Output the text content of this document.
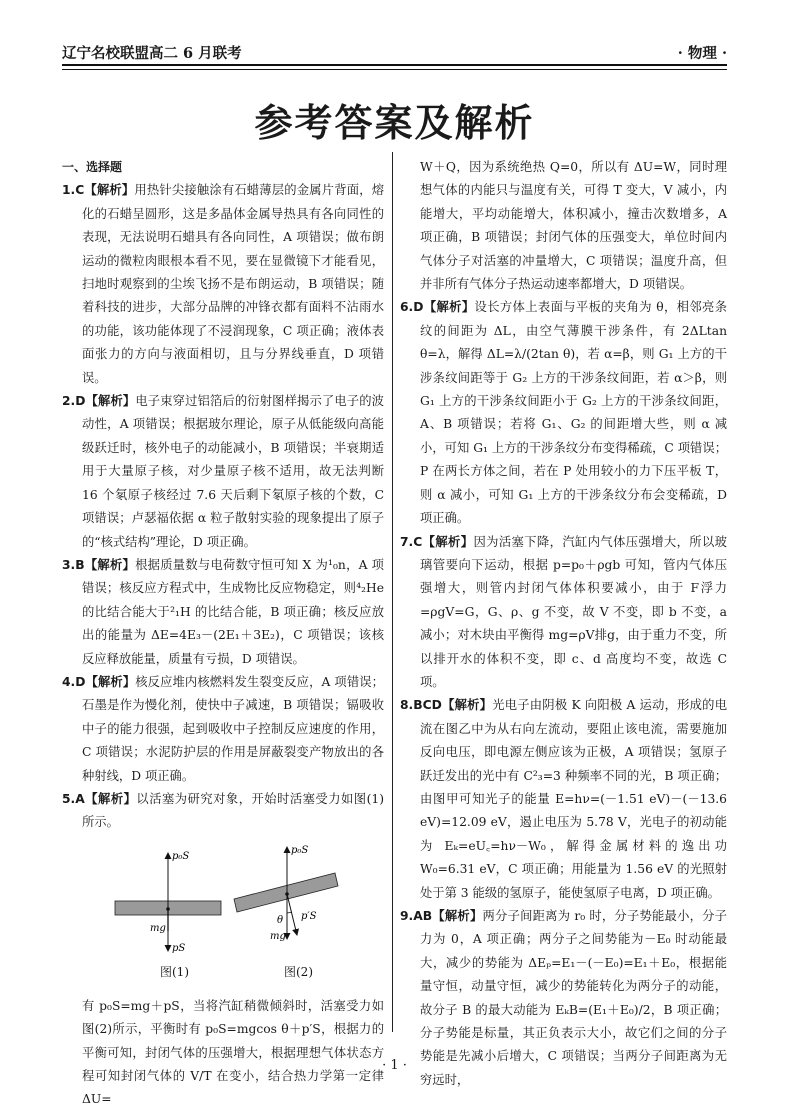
辽宁名校联盟高二 6 月联考	· 物理 ·
参考答案及解析

一、选择题

1.C【解析】用热针尖接触涂有石蜡薄层的金属片背面，熔化的石蜡呈圆形，这是多晶体金属导热具有各向同性的表现，无法说明石蜡具有各向同性，A 项错误；做布朗运动的微粒肉眼根本看不见，要在显微镜下才能看见，扫地时观察到的尘埃飞扬不是布朗运动，B 项错误；随着科技的进步，大部分品牌的冲锋衣都有面料不沾雨水的功能，该功能体现了不浸润现象，C 项正确；液体表面张力的方向与液面相切，且与分界线垂直，D 项错误。

2.D【解析】电子束穿过铝箔后的衍射图样揭示了电子的波动性，A 项错误；根据玻尔理论，原子从低能级向高能级跃迁时，核外电子的动能减小，B 项错误；半衰期适用于大量原子核，对少量原子核不适用，故无法判断 16 个氡原子核经过 7.6 天后剩下氡原子核的个数，C 项错误；卢瑟福依据 α 粒子散射实验的现象提出了原子的“核式结构”理论，D 项正确。

3.B【解析】根据质量数与电荷数守恒可知 X 为¹₀n，A 项错误；核反应方程式中，生成物比反应物稳定，则⁴₂He 的比结合能大于²₁H 的比结合能，B 项正确；核反应放出的能量为 ΔE=4E₃－(2E₁＋3E₂)，C 项错误；该核反应释放能量，质量有亏损，D 项错误。

4.D【解析】核反应堆内核燃料发生裂变反应，A 项错误；石墨是作为慢化剂，使快中子减速，B 项错误；镉吸收中子的能力很强，起到吸收中子控制反应速度的作用，C 项错误；水泥防护层的作用是屏蔽裂变产物放出的各种射线，D 项正确。

5.A【解析】以活塞为研究对象，开始时活塞受力如图(1)所示。

p₀S
mg
pS
p₀S
θ p′S
mg
图(1)	图(2)

有 p₀S=mg＋pS，当将汽缸稍微倾斜时，活塞受力如图(2)所示，平衡时有 p₀S=mgcos θ＋p′S，根据力的平衡可知，封闭气体的压强增大，根据理想气体状态方程可知封闭气体的 V/T 在变小，结合热力学第一定律 ΔU=

W＋Q，因为系统绝热 Q=0，所以有 ΔU=W，同时理想气体的内能只与温度有关，可得 T 变大，V 减小，内能增大，平均动能增大，体积减小，撞击次数增多，A 项正确，B 项错误；封闭气体的压强变大，单位时间内气体分子对活塞的冲量增大，C 项错误；温度升高，但并非所有气体分子热运动速率都增大，D 项错误。

6.D【解析】设长方体上表面与平板的夹角为 θ，相邻亮条纹的间距为 ΔL，由空气薄膜干涉条件，有 2ΔLtan θ=λ，解得 ΔL=λ/(2tan θ)，若 α=β，则 G₁ 上方的干涉条纹间距等于 G₂ 上方的干涉条纹间距，若 α＞β，则 G₁ 上方的干涉条纹间距小于 G₂ 上方的干涉条纹间距，A、B 项错误；若将 G₁、G₂ 的间距增大些，则 α 减小，可知 G₁ 上方的干涉条纹分布变得稀疏，C 项错误；P 在两长方体之间，若在 P 处用较小的力下压平板 T，则 α 减小，可知 G₁ 上方的干涉条纹分布会变稀疏，D 项正确。

7.C【解析】因为活塞下降，汽缸内气体压强增大，所以玻璃管要向下运动，根据 p=p₀＋ρgb 可知，管内气体压强增大，则管内封闭气体体积要减小，由于 F浮力=ρgV=G，G、ρ、g 不变，故 V 不变，即 b 不变，a 减小；对木块由平衡得 mg=ρV排g，由于重力不变，所以排开水的体积不变，即 c、d 高度均不变，故选 C 项。

8.BCD【解析】光电子由阴极 K 向阳极 A 运动，形成的电流在图乙中为从右向左流动，要阻止该电流，需要施加反向电压，即电源左侧应该为正极，A 项错误；氢原子跃迁发出的光中有 C²₃=3 种频率不同的光，B 项正确；由图甲可知光子的能量 E=hν=(－1.51 eV)－(－13.6 eV)=12.09 eV，遏止电压为 5.78 V，光电子的初动能为 Eₖ=eU꜀=hν－W₀，解得金属材料的逸出功 W₀=6.31 eV，C 项正确；用能量为 1.56 eV 的光照射处于第 3 能级的氢原子，能使氢原子电离，D 项正确。

9.AB【解析】两分子间距离为 r₀ 时，分子势能最小，分子力为 0，A 项正确；两分子之间势能为－E₀ 时动能最大，减少的势能为 ΔEₚ=E₁－(－E₀)=E₁＋E₀，根据能量守恒，动量守恒，减少的势能转化为两分子的动能，故分子 B 的最大动能为 EₖB=(E₁＋E₀)/2，B 项正确；分子势能是标量，其正负表示大小，故它们之间的分子势能是先减小后增大，C 项错误；当两分子间距离为无穷远时，

· 1 ·
